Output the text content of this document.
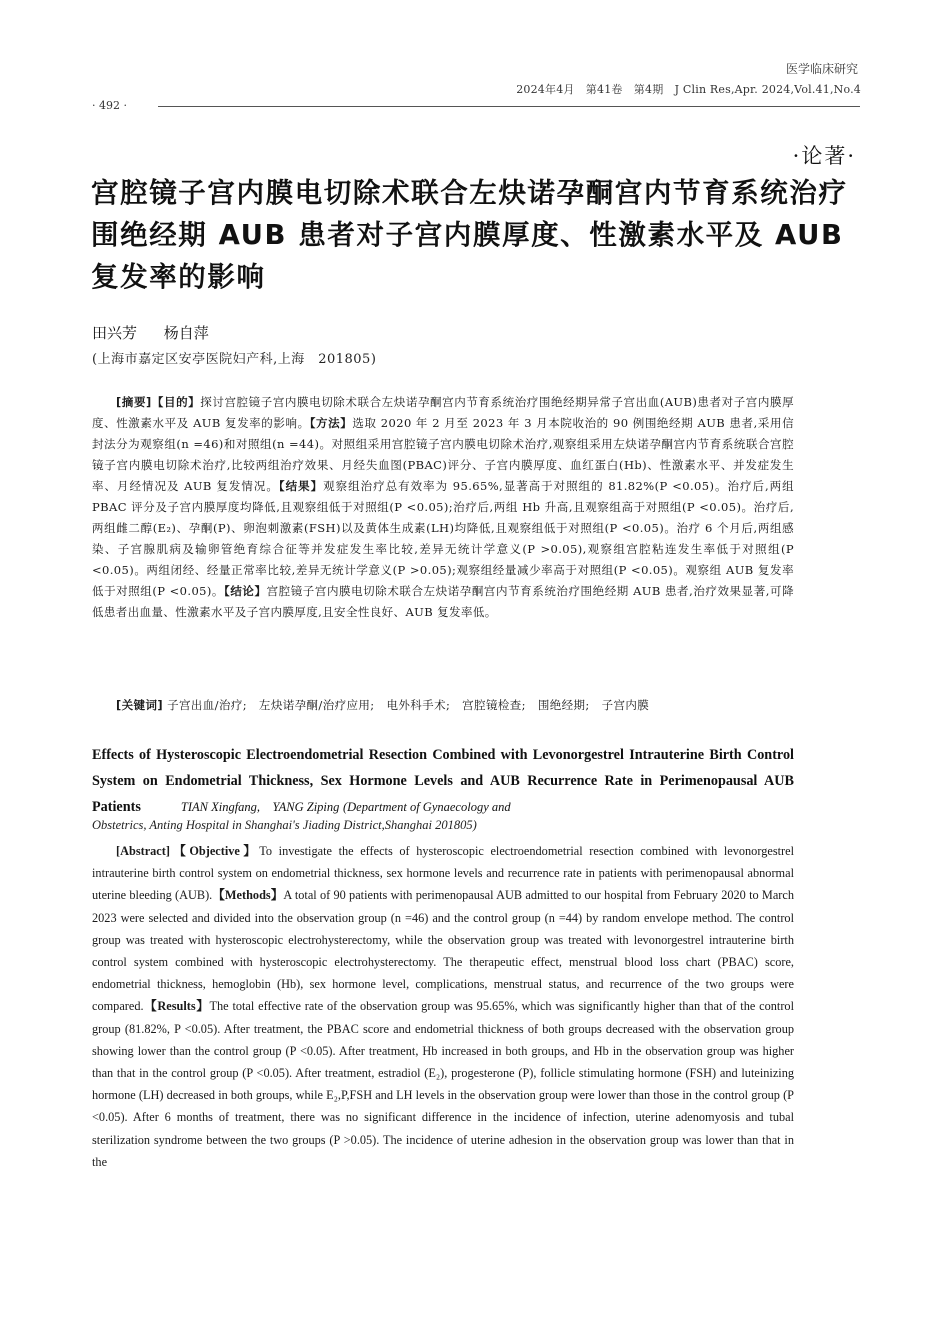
医学临床研究
2024年4月　第41卷　第4期　J Clin Res,Apr. 2024,Vol.41,No.4
· 492 ·
·论著·
宫腔镜子宫内膜电切除术联合左炔诺孕酮宫内节育系统治疗围绝经期 AUB 患者对子宫内膜厚度、性激素水平及 AUB 复发率的影响
田兴芳 杨自萍
(上海市嘉定区安亭医院妇产科,上海　201805)
[摘要]【目的】探讨宫腔镜子宫内膜电切除术联合左炔诺孕酮宫内节育系统治疗围绝经期异常子宫出血(AUB)患者对子宫内膜厚度、性激素水平及 AUB 复发率的影响。【方法】选取 2020 年 2 月至 2023 年 3 月本院收治的 90 例围绝经期 AUB 患者,采用信封法分为观察组(n =46)和对照组(n =44)。对照组采用宫腔镜子宫内膜电切除术治疗,观察组采用左炔诺孕酮宫内节育系统联合宫腔镜子宫内膜电切除术治疗,比较两组治疗效果、月经失血图(PBAC)评分、子宫内膜厚度、血红蛋白(Hb)、性激素水平、并发症发生率、月经情况及 AUB 复发情况。【结果】观察组治疗总有效率为 95.65%,显著高于对照组的 81.82%(P <0.05)。治疗后,两组 PBAC 评分及子宫内膜厚度均降低,且观察组低于对照组(P <0.05);治疗后,两组 Hb 升高,且观察组高于对照组(P <0.05)。治疗后,两组雌二醇(E₂)、孕酮(P)、卵泡刺激素(FSH)以及黄体生成素(LH)均降低,且观察组低于对照组(P <0.05)。治疗 6 个月后,两组感染、子宫腺肌病及输卵管绝育综合征等并发症发生率比较,差异无统计学意义(P >0.05),观察组宫腔粘连发生率低于对照组(P <0.05)。两组闭经、经量正常率比较,差异无统计学意义(P >0.05);观察组经量减少率高于对照组(P <0.05)。观察组 AUB 复发率低于对照组(P <0.05)。【结论】宫腔镜子宫内膜电切除术联合左炔诺孕酮宫内节育系统治疗围绝经期 AUB 患者,治疗效果显著,可降低患者出血量、性激素水平及子宫内膜厚度,且安全性良好、AUB 复发率低。
[关键词] 子宫出血/治疗;　左炔诺孕酮/治疗应用;　电外科手术;　宫腔镜检查;　围绝经期;　子宫内膜
Effects of Hysteroscopic Electroendometrial Resection Combined with Levonorgestrel Intrauterine Birth Control System on Endometrial Thickness, Sex Hormone Levels and AUB Recurrence Rate in Perimenopausal AUB Patients	TIAN Xingfang,　YANG Ziping (Department of Gynaecology and
Obstetrics, Anting Hospital in Shanghai's Jiading District,Shanghai 201805)
[Abstract]【Objective】To investigate the effects of hysteroscopic electroendometrial resection combined with levonorgestrel intrauterine birth control system on endometrial thickness, sex hormone levels and recurrence rate in patients with perimenopausal abnormal uterine bleeding (AUB).【Methods】A total of 90 patients with perimenopausal AUB admitted to our hospital from February 2020 to March 2023 were selected and divided into the observation group (n =46) and the control group (n =44) by random envelope method. The control group was treated with hysteroscopic electrohysterectomy, while the observation group was treated with levonorgestrel intrauterine birth control system combined with hysteroscopic electrohysterectomy. The therapeutic effect, menstrual blood loss chart (PBAC) score, endometrial thickness, hemoglobin (Hb), sex hormone level, complications, menstrual status, and recurrence of the two groups were compared.【Results】The total effective rate of the observation group was 95.65%, which was significantly higher than that of the control group (81.82%, P <0.05). After treatment, the PBAC score and endometrial thickness of both groups decreased with the observation group showing lower than the control group (P <0.05). After treatment, Hb increased in both groups, and Hb in the observation group was higher than that in the control group (P <0.05). After treatment, estradiol (E₂), progesterone (P), follicle stimulating hormone (FSH) and luteinizing hormone (LH) decreased in both groups, while E₂,P,FSH and LH levels in the observation group were lower than those in the control group (P <0.05). After 6 months of treatment, there was no significant difference in the incidence of infection, uterine adenomyosis and tubal sterilization syndrome between the two groups (P >0.05). The incidence of uterine adhesion in the observation group was lower than that in the
